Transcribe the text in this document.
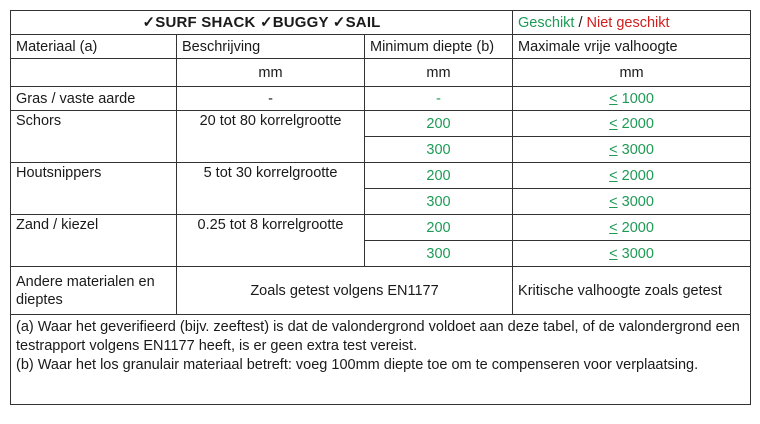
✓SURF SHACK ✓BUGGY ✓SAIL			Geschikt / Niet geschikt
Materiaal (a)	Beschrijving	Minimum diepte (b)	Maximale vrije valhoogte
	mm	mm	mm
Gras / vaste aarde	-	-	< 1000
Schors	20 tot 80 korrelgrootte	200	< 2000
		300	< 3000
Houtsnippers	5 tot 30 korrelgrootte	200	< 2000
		300	< 3000
Zand / kiezel	0.25 tot 8 korrelgrootte	200	< 2000
		300	< 3000
Andere materialen en dieptes	Zoals getest volgens EN1177		Kritische valhoogte zoals getest

(a) Waar het geverifieerd (bijv. zeeftest) is dat de valondergrond voldoet aan deze tabel, of de valondergrond een testrapport volgens EN1177 heeft, is er geen extra test vereist.

(b) Waar het los granulair materiaal betreft: voeg 100mm diepte toe om te compenseren voor verplaatsing.			
